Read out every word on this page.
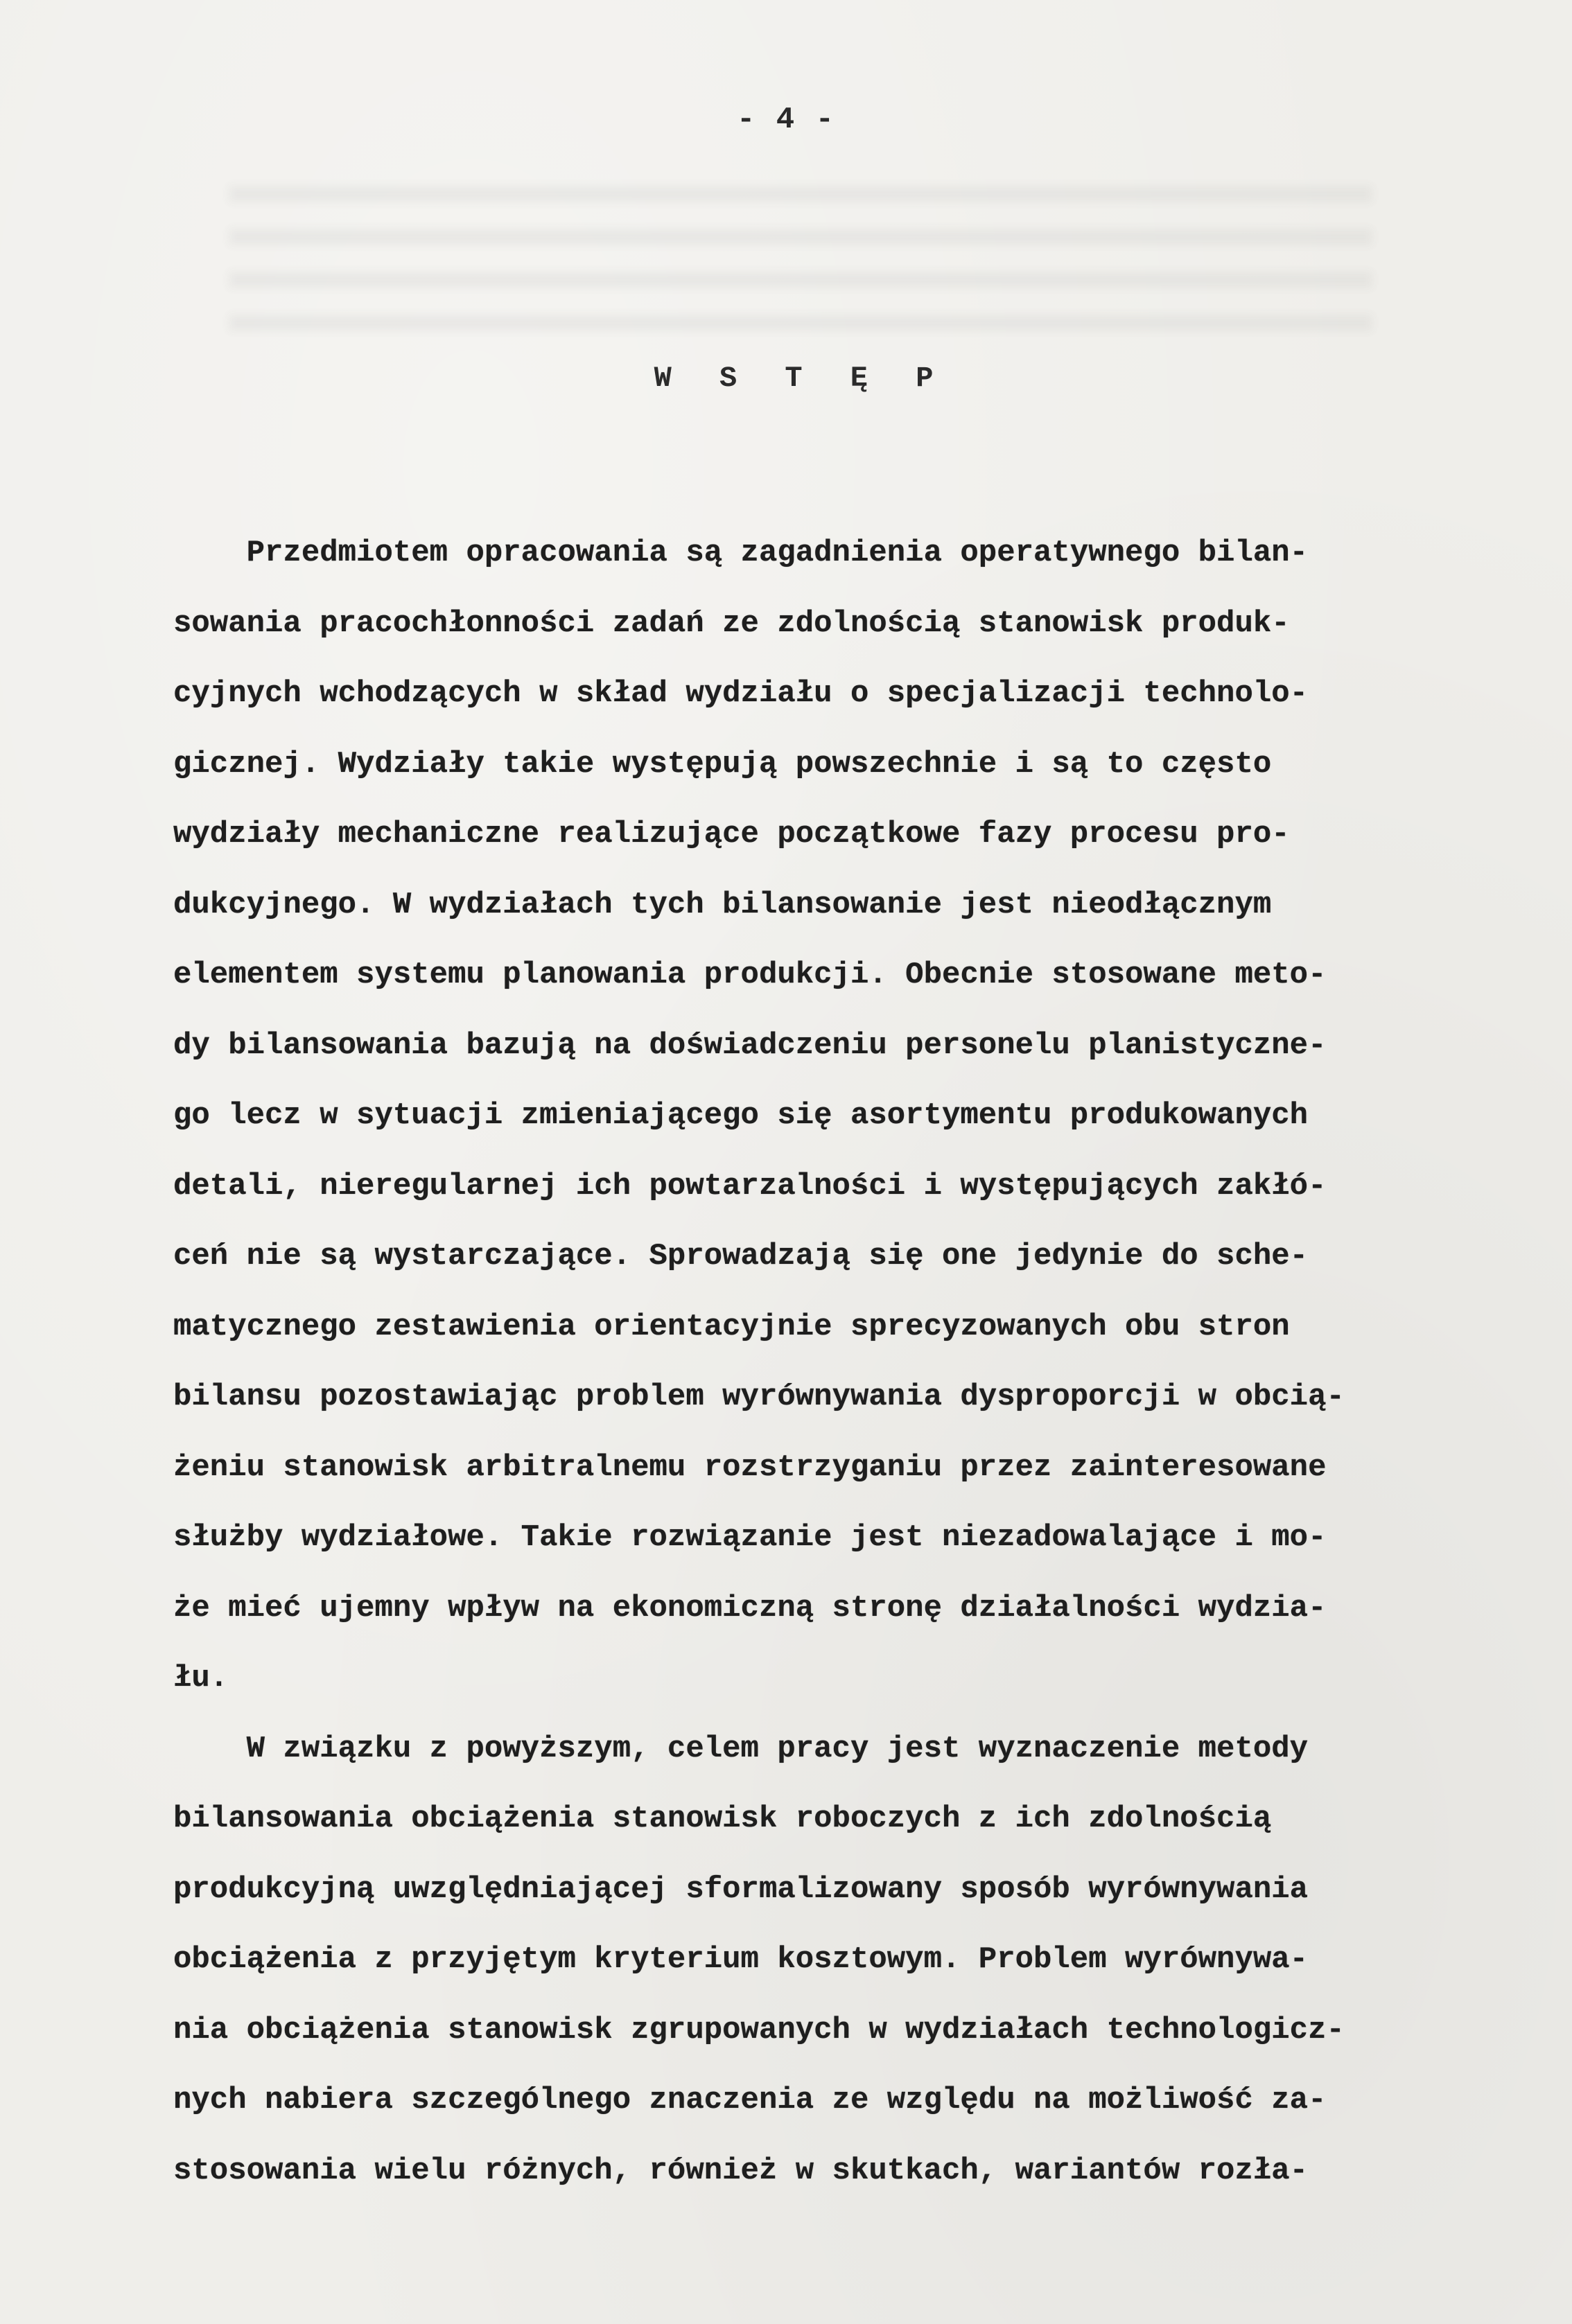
- 4 -
W S T Ę P
Przedmiotem opracowania są zagadnienia operatywnego bilan-
sowania pracochłonności zadań ze zdolnością stanowisk produk-
cyjnych wchodzących w skład wydziału o specjalizacji technolo-
gicznej. Wydziały takie występują powszechnie i są to często
wydziały mechaniczne realizujące początkowe fazy procesu pro-
dukcyjnego. W wydziałach tych bilansowanie jest nieodłącznym
elementem systemu planowania produkcji. Obecnie stosowane meto-
dy bilansowania bazują na doświadczeniu personelu planistyczne-
go lecz w sytuacji zmieniającego się asortymentu produkowanych
detali, nieregularnej ich powtarzalności i występujących zakłó-
ceń nie są wystarczające. Sprowadzają się one jedynie do sche-
matycznego zestawienia orientacyjnie sprecyzowanych obu stron
bilansu pozostawiając problem wyrównywania dysproporcji w obcią-
żeniu stanowisk arbitralnemu rozstrzyganiu przez zainteresowane
służby wydziałowe. Takie rozwiązanie jest niezadowalające i mo-
że mieć ujemny wpływ na ekonomiczną stronę działalności wydzia-
łu.
W związku z powyższym, celem pracy jest wyznaczenie metody
bilansowania obciążenia stanowisk roboczych z ich zdolnością
produkcyjną uwzględniającej sformalizowany sposób wyrównywania
obciążenia z przyjętym kryterium kosztowym. Problem wyrównywa-
nia obciążenia stanowisk zgrupowanych w wydziałach technologicz-
nych nabiera szczególnego znaczenia ze względu na możliwość za-
stosowania wielu różnych, również w skutkach, wariantów rozła-
